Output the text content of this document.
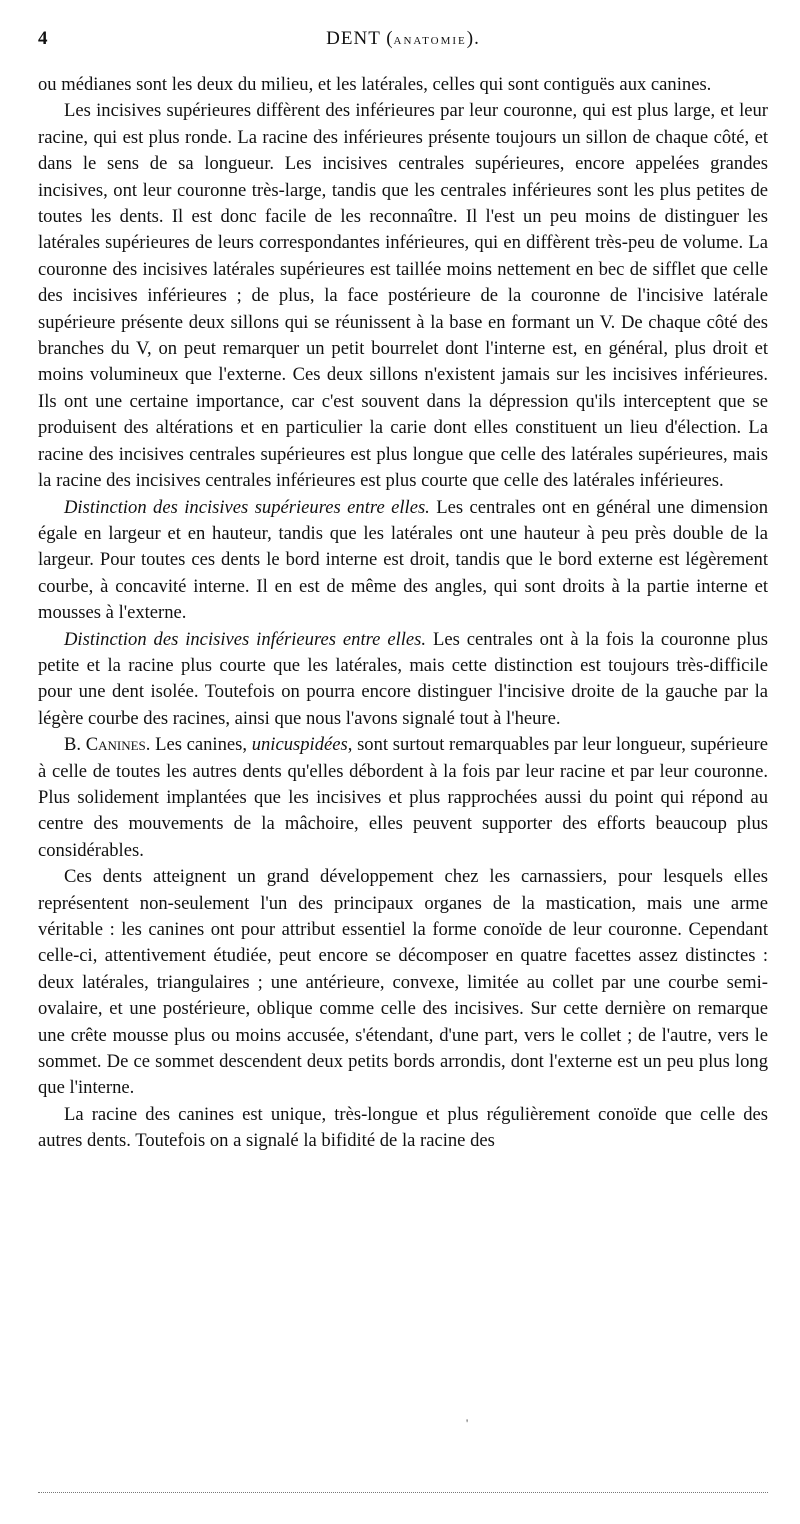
4	DENT (anatomie).

ou médianes sont les deux du milieu, et les latérales, celles qui sont contiguës aux canines.

Les incisives supérieures diffèrent des inférieures par leur couronne, qui est plus large, et leur racine, qui est plus ronde. La racine des inférieures présente toujours un sillon de chaque côté, et dans le sens de sa longueur. Les incisives centrales supérieures, encore appelées grandes incisives, ont leur couronne très-large, tandis que les centrales inférieures sont les plus petites de toutes les dents. Il est donc facile de les reconnaître. Il l'est un peu moins de distinguer les latérales supérieures de leurs correspondantes inférieures, qui en diffèrent très-peu de volume. La couronne des incisives latérales supérieures est taillée moins nettement en bec de sifflet que celle des incisives inférieures ; de plus, la face postérieure de la couronne de l'incisive latérale supérieure présente deux sillons qui se réunissent à la base en formant un V. De chaque côté des branches du V, on peut remarquer un petit bourrelet dont l'interne est, en général, plus droit et moins volumineux que l'externe. Ces deux sillons n'existent jamais sur les incisives inférieures. Ils ont une certaine importance, car c'est souvent dans la dépression qu'ils interceptent que se produisent des altérations et en particulier la carie dont elles constituent un lieu d'élection. La racine des incisives centrales supérieures est plus longue que celle des latérales supérieures, mais la racine des incisives centrales inférieures est plus courte que celle des latérales inférieures.

Distinction des incisives supérieures entre elles. Les centrales ont en général une dimension égale en largeur et en hauteur, tandis que les latérales ont une hauteur à peu près double de la largeur. Pour toutes ces dents le bord interne est droit, tandis que le bord externe est légèrement courbe, à concavité interne. Il en est de même des angles, qui sont droits à la partie interne et mousses à l'externe.

Distinction des incisives inférieures entre elles. Les centrales ont à la fois la couronne plus petite et la racine plus courte que les latérales, mais cette distinction est toujours très-difficile pour une dent isolée. Toutefois on pourra encore distinguer l'incisive droite de la gauche par la légère courbe des racines, ainsi que nous l'avons signalé tout à l'heure.

B. Canines. Les canines, unicuspidées, sont surtout remarquables par leur longueur, supérieure à celle de toutes les autres dents qu'elles débordent à la fois par leur racine et par leur couronne. Plus solidement implantées que les incisives et plus rapprochées aussi du point qui répond au centre des mouvements de la mâchoire, elles peuvent supporter des efforts beaucoup plus considérables.

Ces dents atteignent un grand développement chez les carnassiers, pour lesquels elles représentent non-seulement l'un des principaux organes de la mastication, mais une arme véritable : les canines ont pour attribut essentiel la forme conoïde de leur couronne. Cependant celle-ci, attentivement étudiée, peut encore se décomposer en quatre facettes assez distinctes : deux latérales, triangulaires ; une antérieure, convexe, limitée au collet par une courbe semi-ovalaire, et une postérieure, oblique comme celle des incisives. Sur cette dernière on remarque une crête mousse plus ou moins accusée, s'étendant, d'une part, vers le collet ; de l'autre, vers le sommet. De ce sommet descendent deux petits bords arrondis, dont l'externe est un peu plus long que l'interne.

La racine des canines est unique, très-longue et plus régulièrement conoïde que celle des autres dents. Toutefois on a signalé la bifidité de la racine des

'
